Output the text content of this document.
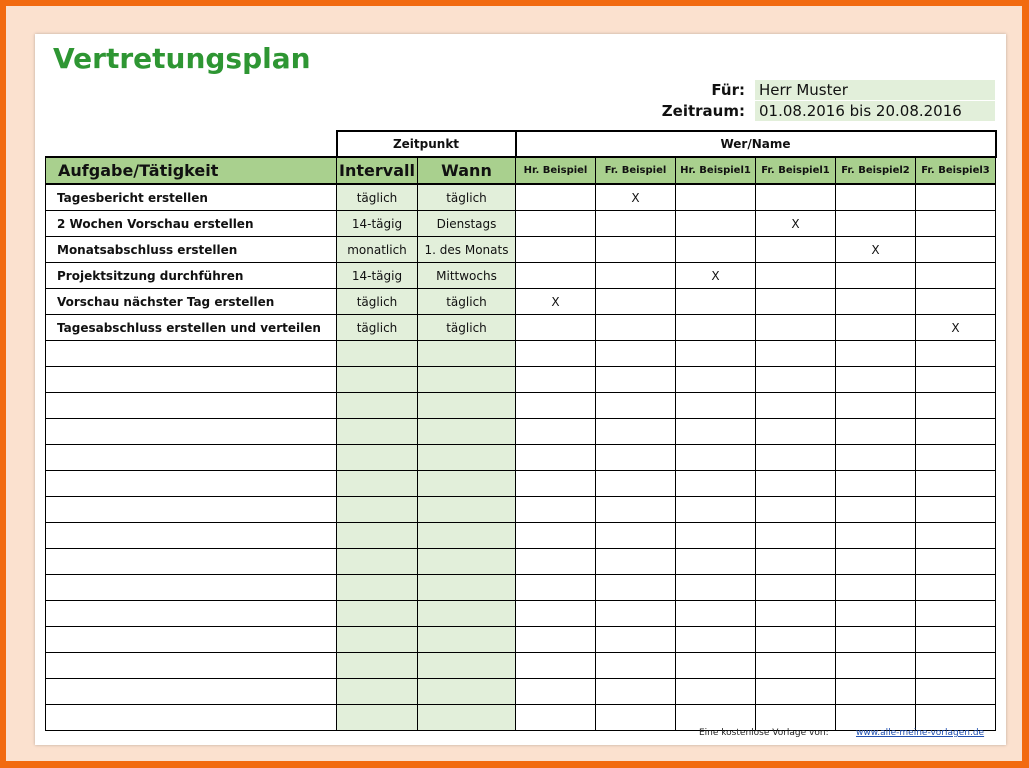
Vertretungsplan
Für: Herr Muster
Zeitraum: 01.08.2016 bis 20.08.2016
	Zeitpunkt		Wer/Name					
Aufgabe/Tätigkeit	Intervall	Wann	Hr. Beispiel	Fr. Beispiel	Hr. Beispiel1	Fr. Beispiel1	Fr. Beispiel2	Fr. Beispiel3
Tagesbericht erstellen	täglich	täglich		X				
2 Wochen Vorschau erstellen	14-tägig	Dienstags				X		
Monatsabschluss erstellen	monatlich	1. des Monats					X	
Projektsitzung durchführen	14-tägig	Mittwochs			X			
Vorschau nächster Tag erstellen	täglich	täglich	X					
Tagesabschluss erstellen und verteilen	täglich	täglich						X

Eine kostenlose Vorlage von:	www.alle-meine-vorlagen.de
